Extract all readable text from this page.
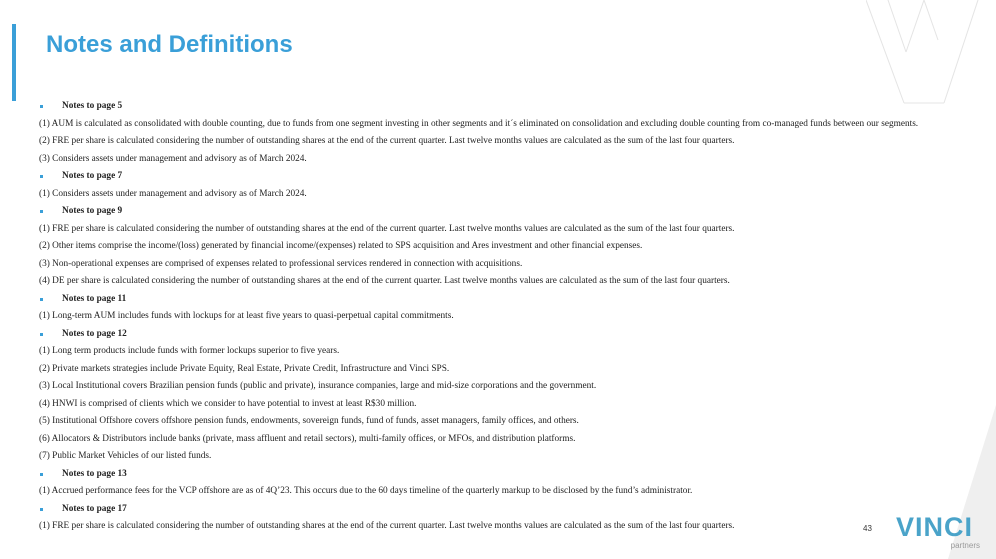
Notes and Definitions
Notes to page 5
(1) AUM is calculated as consolidated with double counting, due to funds from one segment investing in other segments and it´s eliminated on consolidation and excluding double counting from co-managed funds between our segments.
(2) FRE per share is calculated considering the number of outstanding shares at the end of the current quarter. Last twelve months values are calculated as the sum of the last four quarters.
(3) Considers assets under management and advisory as of March 2024.
Notes to page 7
(1) Considers assets under management and advisory as of March 2024.
Notes to page 9
(1) FRE per share is calculated considering the number of outstanding shares at the end of the current quarter. Last twelve months values are calculated as the sum of the last four quarters.
(2) Other items comprise the income/(loss) generated by financial income/(expenses) related to SPS acquisition and Ares investment and other financial expenses.
(3) Non-operational expenses are comprised of expenses related to professional services rendered in connection with acquisitions.
(4) DE per share is calculated considering the number of outstanding shares at the end of the current quarter. Last twelve months values are calculated as the sum of the last four quarters.
Notes to page 11
(1) Long-term AUM includes funds with lockups for at least five years to quasi-perpetual capital commitments.
Notes to page 12
(1) Long term products include funds with former lockups superior to five years.
(2) Private markets strategies include Private Equity, Real Estate, Private Credit, Infrastructure and Vinci SPS.
(3) Local Institutional covers Brazilian pension funds (public and private), insurance companies, large and mid-size corporations and the government.
(4) HNWI is comprised of clients which we consider to have potential to invest at least R$30 million.
(5) Institutional Offshore covers offshore pension funds, endowments, sovereign funds, fund of funds, asset managers, family offices, and others.
(6) Allocators & Distributors include banks (private, mass affluent and retail sectors), multi-family offices, or MFOs, and distribution platforms.
(7) Public Market Vehicles of our listed funds.
Notes to page 13
(1) Accrued performance fees for the VCP offshore are as of 4Q’23. This occurs due to the 60 days timeline of the quarterly markup to be disclosed by the fund’s administrator.
Notes to page 17
(1) FRE per share is calculated considering the number of outstanding shares at the end of the current quarter. Last twelve months values are calculated as the sum of the last four quarters.	43 VINCI
partners
